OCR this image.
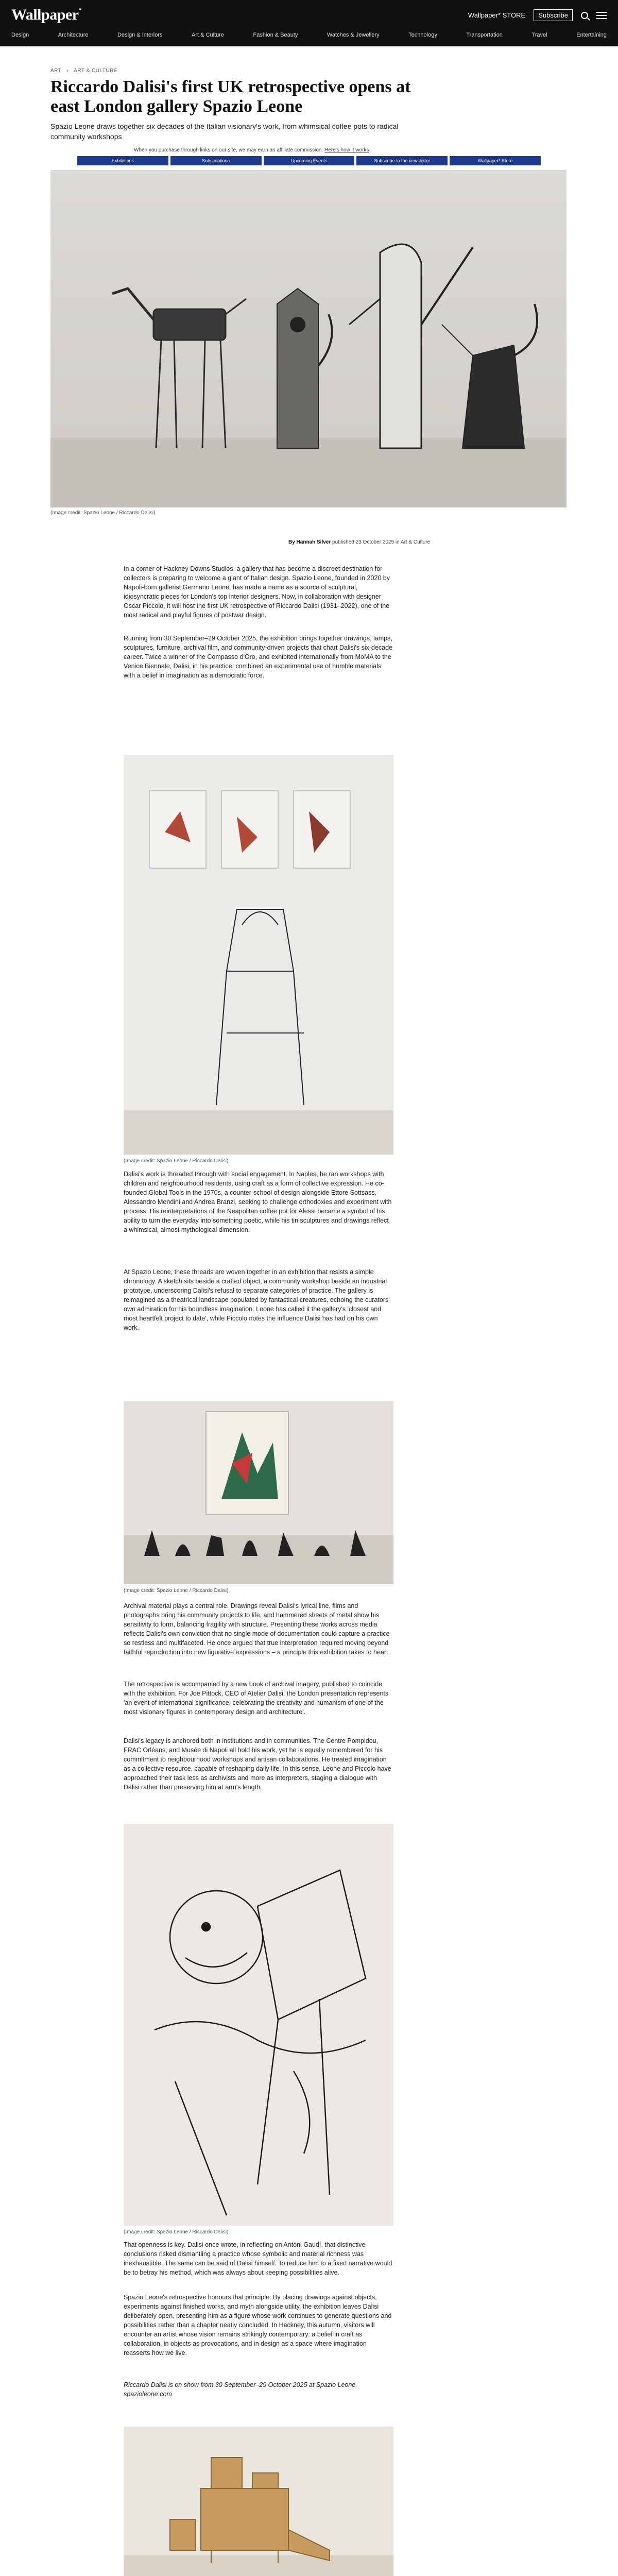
Wallpaper*
Wallpaper* STORE	Subscribe
Design	Architecture	Design & Interiors	Art & Culture	Fashion & Beauty	Watches & Jewellery	Technology	Transportation	Travel	Entertaining
ART › ART & CULTURE
Riccardo Dalisi's first UK retrospective opens at east London gallery Spazio Leone

Spazio Leone draws together six decades of the Italian visionary's work, from whimsical coffee pots to radical community workshops

When you purchase through links on our site, we may earn an affiliate commission. Here's how it works

Exhibitions	Subscriptions	Upcoming Events	Subscribe to the newsletter	Wallpaper* Store
(Image credit: Spazio Leone / Riccardo Dalisi)
By Hannah Silver published 23 October 2025 in Art & Culture

In a corner of Hackney Downs Studios, a gallery that has become a discreet destination for collectors is preparing to welcome a giant of Italian design. Spazio Leone, founded in 2020 by Napoli-born gallerist Germano Leone, has made a name as a source of sculptural, idiosyncratic pieces for London's top interior designers. Now, in collaboration with designer Oscar Piccolo, it will host the first UK retrospective of Riccardo Dalisi (1931–2022), one of the most radical and playful figures of postwar design.

Running from 30 September–29 October 2025, the exhibition brings together drawings, lamps, sculptures, furniture, archival film, and community-driven projects that chart Dalisi's six-decade career. Twice a winner of the Compasso d'Oro, and exhibited internationally from MoMA to the Venice Biennale, Dalisi, in his practice, combined an experimental use of humble materials with a belief in imagination as a democratic force.

(Image credit: Spazio Leone / Riccardo Dalisi)

Dalisi's work is threaded through with social engagement. In Naples, he ran workshops with children and neighbourhood residents, using craft as a form of collective expression. He co-founded Global Tools in the 1970s, a counter-school of design alongside Ettore Sottsass, Alessandro Mendini and Andrea Branzi, seeking to challenge orthodoxies and experiment with process. His reinterpretations of the Neapolitan coffee pot for Alessi became a symbol of his ability to turn the everyday into something poetic, while his tin sculptures and drawings reflect a whimsical, almost mythological dimension.

At Spazio Leone, these threads are woven together in an exhibition that resists a simple chronology. A sketch sits beside a crafted object, a community workshop beside an industrial prototype, underscoring Dalisi's refusal to separate categories of practice. The gallery is reimagined as a theatrical landscape populated by fantastical creatures, echoing the curators' own admiration for his boundless imagination. Leone has called it the gallery's 'closest and most heartfelt project to date', while Piccolo notes the influence Dalisi has had on his own work.

(Image credit: Spazio Leone / Riccardo Dalisi)

Archival material plays a central role. Drawings reveal Dalisi's lyrical line, films and photographs bring his community projects to life, and hammered sheets of metal show his sensitivity to form, balancing fragility with structure. Presenting these works across media reflects Dalisi's own conviction that no single mode of documentation could capture a practice so restless and multifaceted. He once argued that true interpretation required moving beyond faithful reproduction into new figurative expressions – a principle this exhibition takes to heart.

The retrospective is accompanied by a new book of archival imagery, published to coincide with the exhibition. For Joe Pittock, CEO of Atelier Dalisi, the London presentation represents 'an event of international significance, celebrating the creativity and humanism of one of the most visionary figures in contemporary design and architecture'.

Dalisi's legacy is anchored both in institutions and in communities. The Centre Pompidou, FRAC Orléans, and Musée di Napoli all hold his work, yet he is equally remembered for his commitment to neighbourhood workshops and artisan collaborations. He treated imagination as a collective resource, capable of reshaping daily life. In this sense, Leone and Piccolo have approached their task less as archivists and more as interpreters, staging a dialogue with Dalisi rather than preserving him at arm's length.

(Image credit: Spazio Leone / Riccardo Dalisi)

That openness is key. Dalisi once wrote, in reflecting on Antoni Gaudí, that distinctive conclusions risked dismantling a practice whose symbolic and material richness was inexhaustible. The same can be said of Dalisi himself. To reduce him to a fixed narrative would be to betray his method, which was always about keeping possibilities alive.

Spazio Leone's retrospective honours that principle. By placing drawings against objects, experiments against finished works, and myth alongside utility, the exhibition leaves Dalisi deliberately open, presenting him as a figure whose work continues to generate questions and possibilities rather than a chapter neatly concluded. In Hackney, this autumn, visitors will encounter an artist whose vision remains strikingly contemporary: a belief in craft as collaboration, in objects as provocations, and in design as a space where imagination reasserts how we live.

Riccardo Dalisi is on show from 30 September–29 October 2025 at Spazio Leone, spazioleone.com
